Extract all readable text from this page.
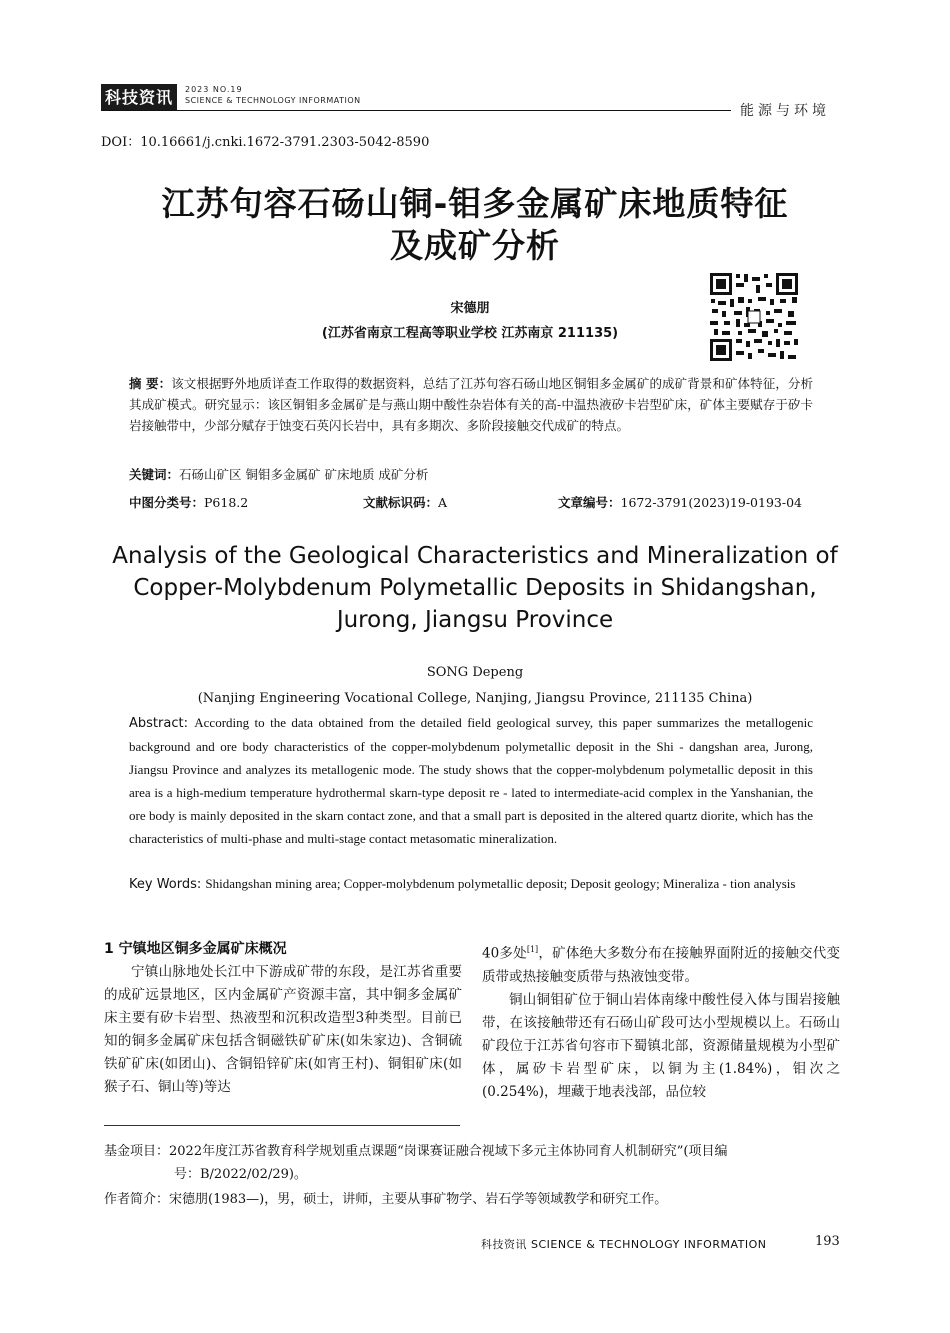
科技资讯	2023 NO.19
SCIENCE & TECHNOLOGY INFORMATION
能源与环境
DOI：10.16661/j.cnki.1672-3791.2303-5042-8590
江苏句容石砀山铜-钼多金属矿床地质特征
及成矿分析
宋德朋
(江苏省南京工程高等职业学校 江苏南京 211135)
摘 要：该文根据野外地质详查工作取得的数据资料，总结了江苏句容石砀山地区铜钼多金属矿的成矿背景和矿体特征，分析其成矿模式。研究显示：该区铜钼多金属矿是与燕山期中酸性杂岩体有关的高-中温热液矽卡岩型矿床，矿体主要赋存于矽卡岩接触带中，少部分赋存于蚀变石英闪长岩中，具有多期次、多阶段接触交代成矿的特点。
关键词：石砀山矿区 铜钼多金属矿 矿床地质 成矿分析
中图分类号：P618.2	文献标识码：A	文章编号：1672-3791(2023)19-0193-04
Analysis of the Geological Characteristics and Mineralization of
Copper-Molybdenum Polymetallic Deposits in Shidangshan,
Jurong, Jiangsu Province
SONG Depeng
(Nanjing Engineering Vocational College, Nanjing, Jiangsu Province, 211135 China)
Abstract: According to the data obtained from the detailed field geological survey, this paper summarizes the metallogenic background and ore body characteristics of the copper-molybdenum polymetallic deposit in the Shi - dangshan area, Jurong, Jiangsu Province and analyzes its metallogenic mode. The study shows that the copper-molybdenum polymetallic deposit in this area is a high-medium temperature hydrothermal skarn-type deposit re - lated to intermediate-acid complex in the Yanshanian, the ore body is mainly deposited in the skarn contact zone, and that a small part is deposited in the altered quartz diorite, which has the characteristics of multi-phase and multi-stage contact metasomatic mineralization.
Key Words: Shidangshan mining area; Copper-molybdenum polymetallic deposit; Deposit geology; Mineraliza - tion analysis
1 宁镇地区铜多金属矿床概况

宁镇山脉地处长江中下游成矿带的东段，是江苏省重要的成矿远景地区，区内金属矿产资源丰富，其中铜多金属矿床主要有矽卡岩型、热液型和沉积改造型3种类型。目前已知的铜多金属矿床包括含铜磁铁矿矿床(如朱家边)、含铜硫铁矿矿床(如团山)、含铜铅锌矿床(如宵王村)、铜钼矿床(如猴子石、铜山等)等达

40多处[1]，矿体绝大多数分布在接触界面附近的接触交代变质带或热接触变质带与热液蚀变带。

铜山铜钼矿位于铜山岩体南缘中酸性侵入体与围岩接触带，在该接触带还有石砀山矿段可达小型规模以上。石砀山矿段位于江苏省句容市下蜀镇北部，资源储量规模为小型矿体，属矽卡岩型矿床，以铜为主(1.84%)，钼次之(0.254%)，埋藏于地表浅部，品位较

基金项目：2022年度江苏省教育科学规划重点课题“岗课赛证融合视域下多元主体协同育人机制研究”(项目编
号：B/2022/02/29)。
作者简介：宋德朋(1983—)，男，硕士，讲师，主要从事矿物学、岩石学等领域教学和研究工作。
科技资讯 SCIENCE & TECHNOLOGY INFORMATION	193
